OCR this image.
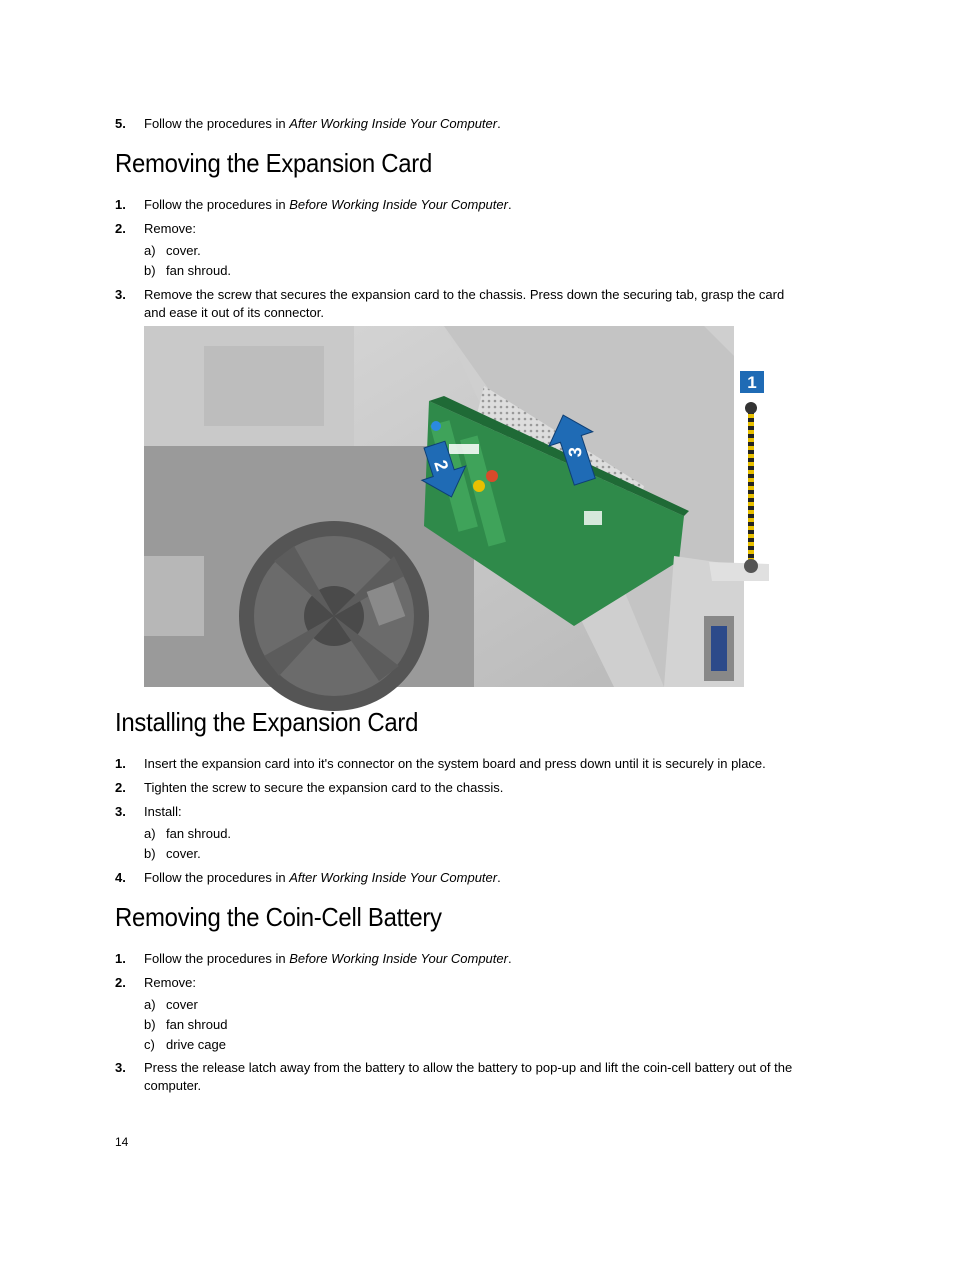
5. Follow the procedures in After Working Inside Your Computer.
Removing the Expansion Card
1. Follow the procedures in Before Working Inside Your Computer.
2. Remove:
a) cover.
b) fan shroud.
3. Remove the screw that secures the expansion card to the chassis. Press down the securing tab, grasp the card and ease it out of its connector.
1
2
3
Installing the Expansion Card
1. Insert the expansion card into it's connector on the system board and press down until it is securely in place.
2. Tighten the screw to secure the expansion card to the chassis.
3. Install:
a) fan shroud.
b) cover.
4. Follow the procedures in After Working Inside Your Computer.
Removing the Coin-Cell Battery
1. Follow the procedures in Before Working Inside Your Computer.
2. Remove:
a) cover
b) fan shroud
c) drive cage
3. Press the release latch away from the battery to allow the battery to pop-up and lift the coin-cell battery out of the computer.
14
